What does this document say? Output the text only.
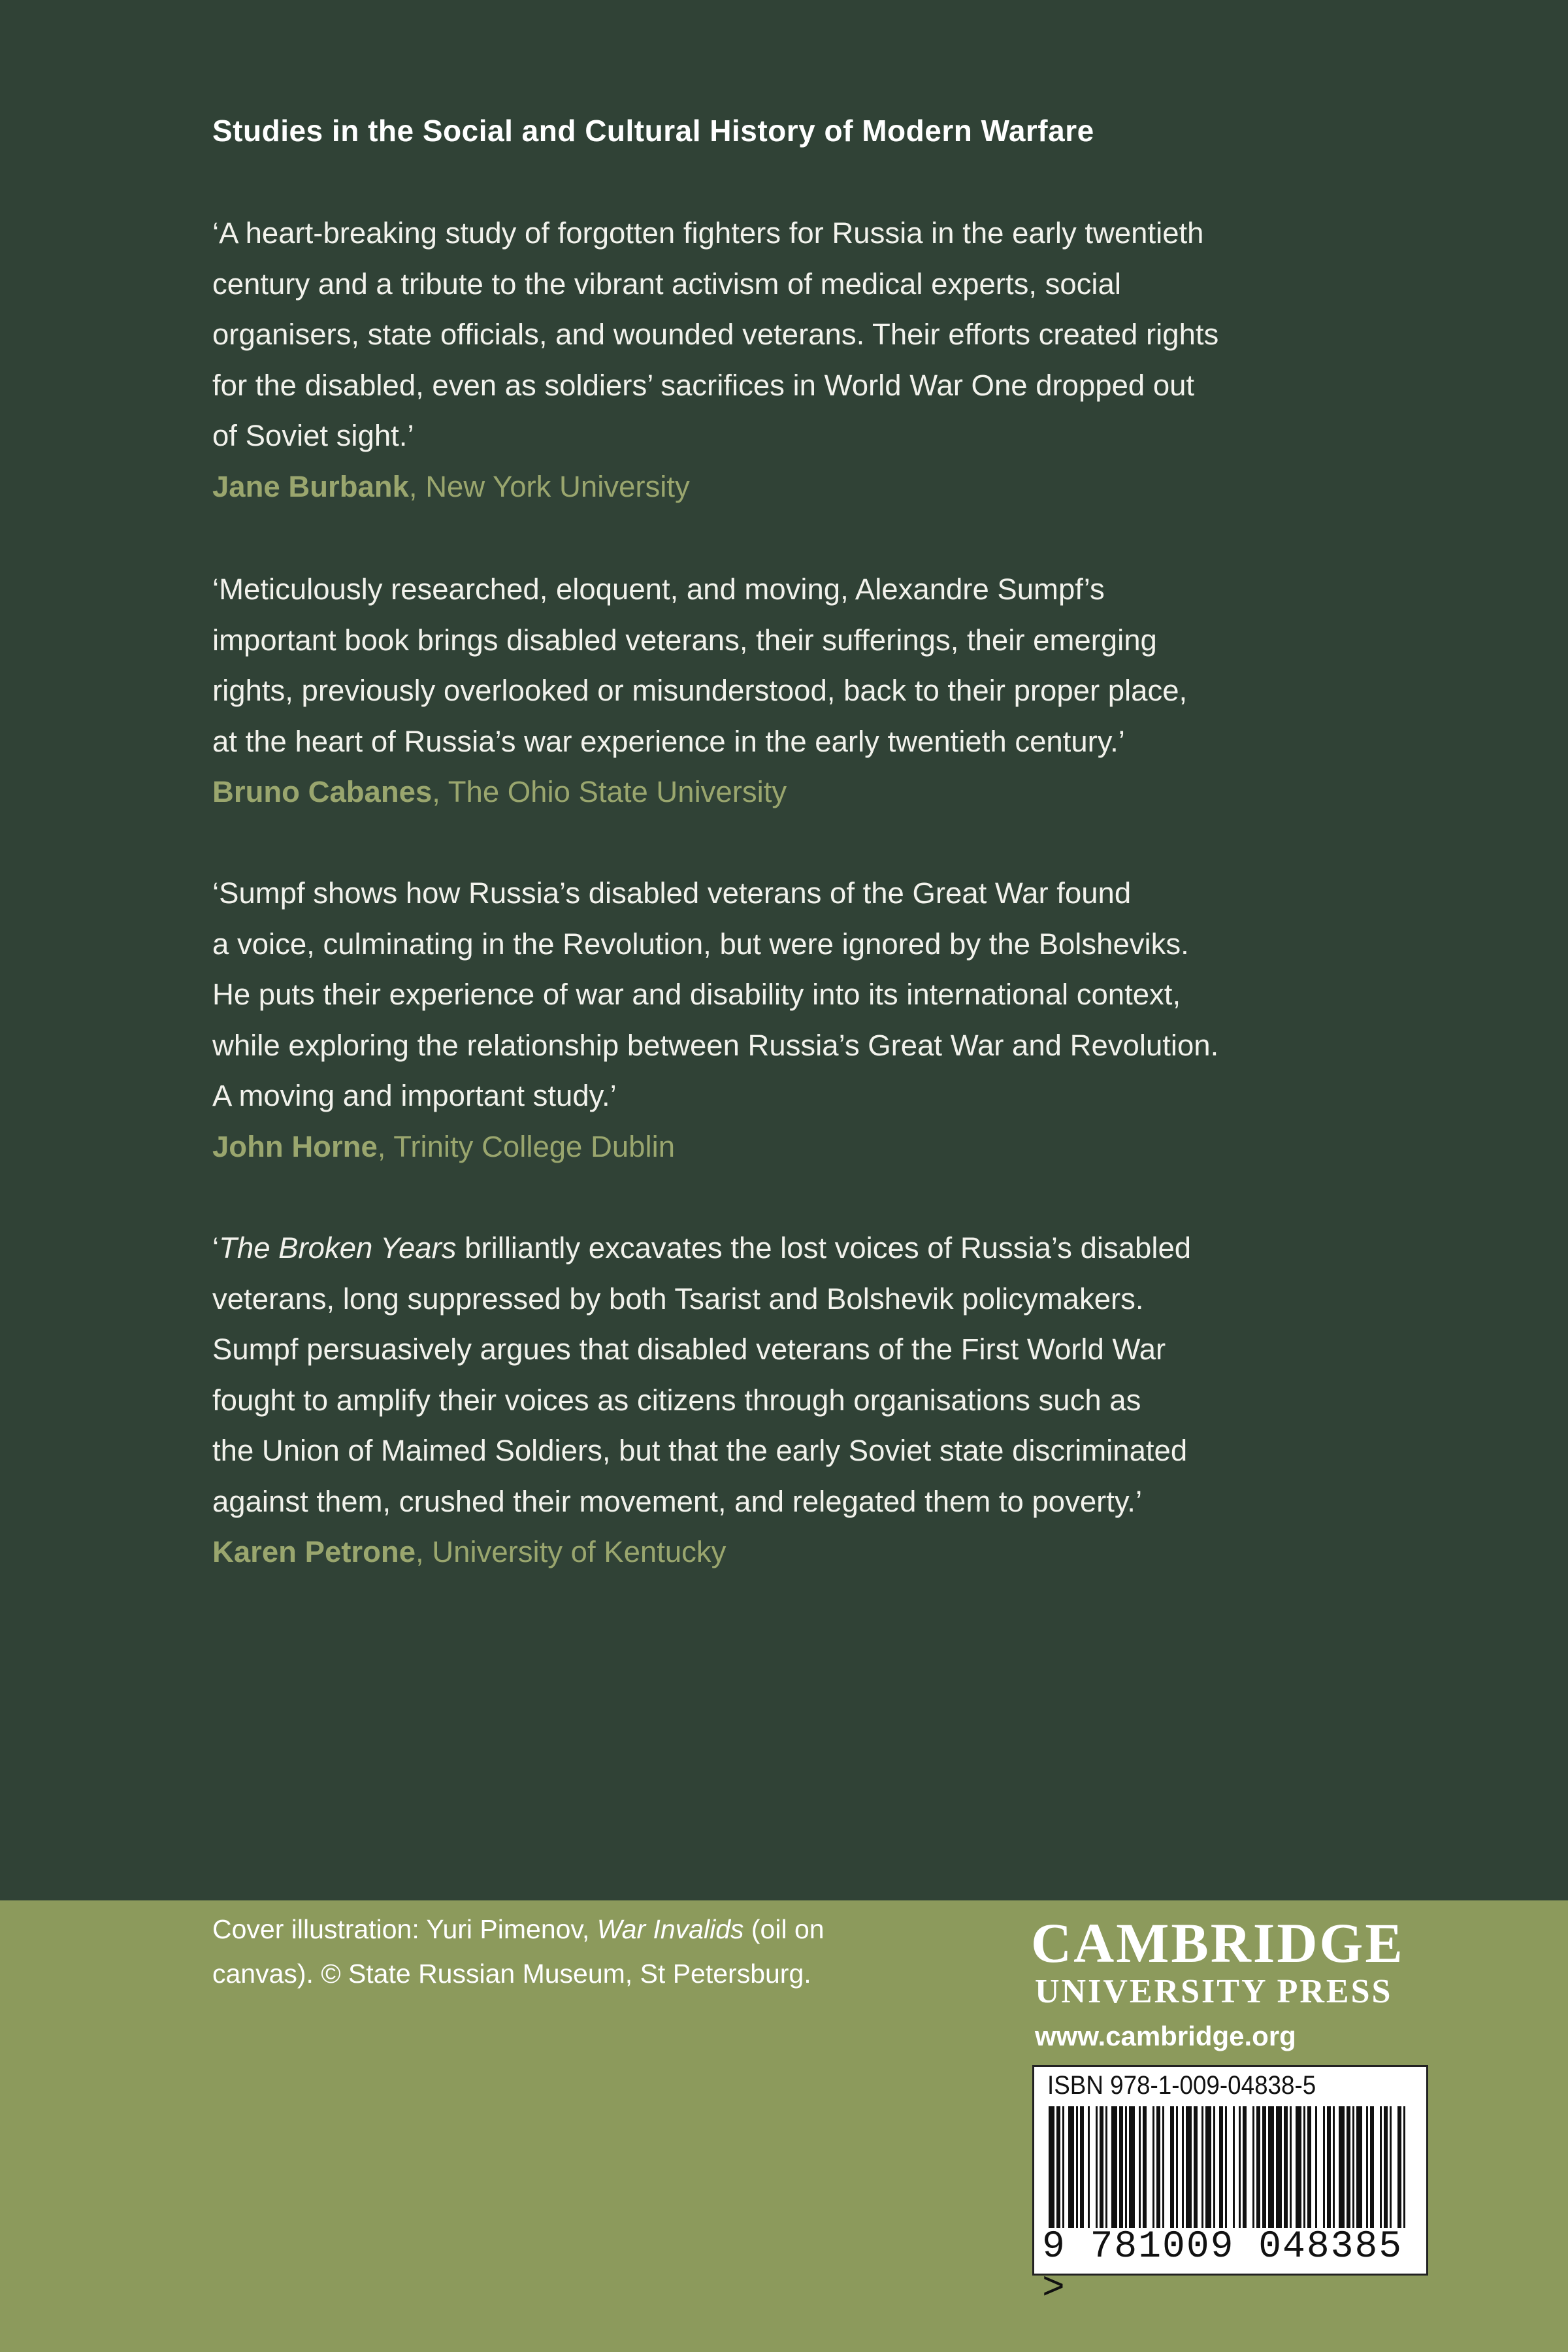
Studies in the Social and Cultural History of Modern Warfare

‘A heart-breaking study of forgotten fighters for Russia in the early twentieth
century and a tribute to the vibrant activism of medical experts, social
organisers, state officials, and wounded veterans. Their efforts created rights
for the disabled, even as soldiers’ sacrifices in World War One dropped out
of Soviet sight.’

Jane Burbank, New York University

‘Meticulously researched, eloquent, and moving, Alexandre Sumpf’s
important book brings disabled veterans, their sufferings, their emerging
rights, previously overlooked or misunderstood, back to their proper place,
at the heart of Russia’s war experience in the early twentieth century.’

Bruno Cabanes, The Ohio State University

‘Sumpf shows how Russia’s disabled veterans of the Great War found
a voice, culminating in the Revolution, but were ignored by the Bolsheviks.
He puts their experience of war and disability into its international context,
while exploring the relationship between Russia’s Great War and Revolution.
A moving and important study.’

John Horne, Trinity College Dublin

‘The Broken Years brilliantly excavates the lost voices of Russia’s disabled
veterans, long suppressed by both Tsarist and Bolshevik policymakers.
Sumpf persuasively argues that disabled veterans of the First World War
fought to amplify their voices as citizens through organisations such as
the Union of Maimed Soldiers, but that the early Soviet state discriminated
against them, crushed their movement, and relegated them to poverty.’

Karen Petrone, University of Kentucky

Cover illustration: Yuri Pimenov, War Invalids (oil on
canvas). © State Russian Museum, St Petersburg.	CAMBRIDGE
UNIVERSITY PRESS
www.cambridge.org
ISBN 978-1-009-04838-5
9 781009 048385 >
